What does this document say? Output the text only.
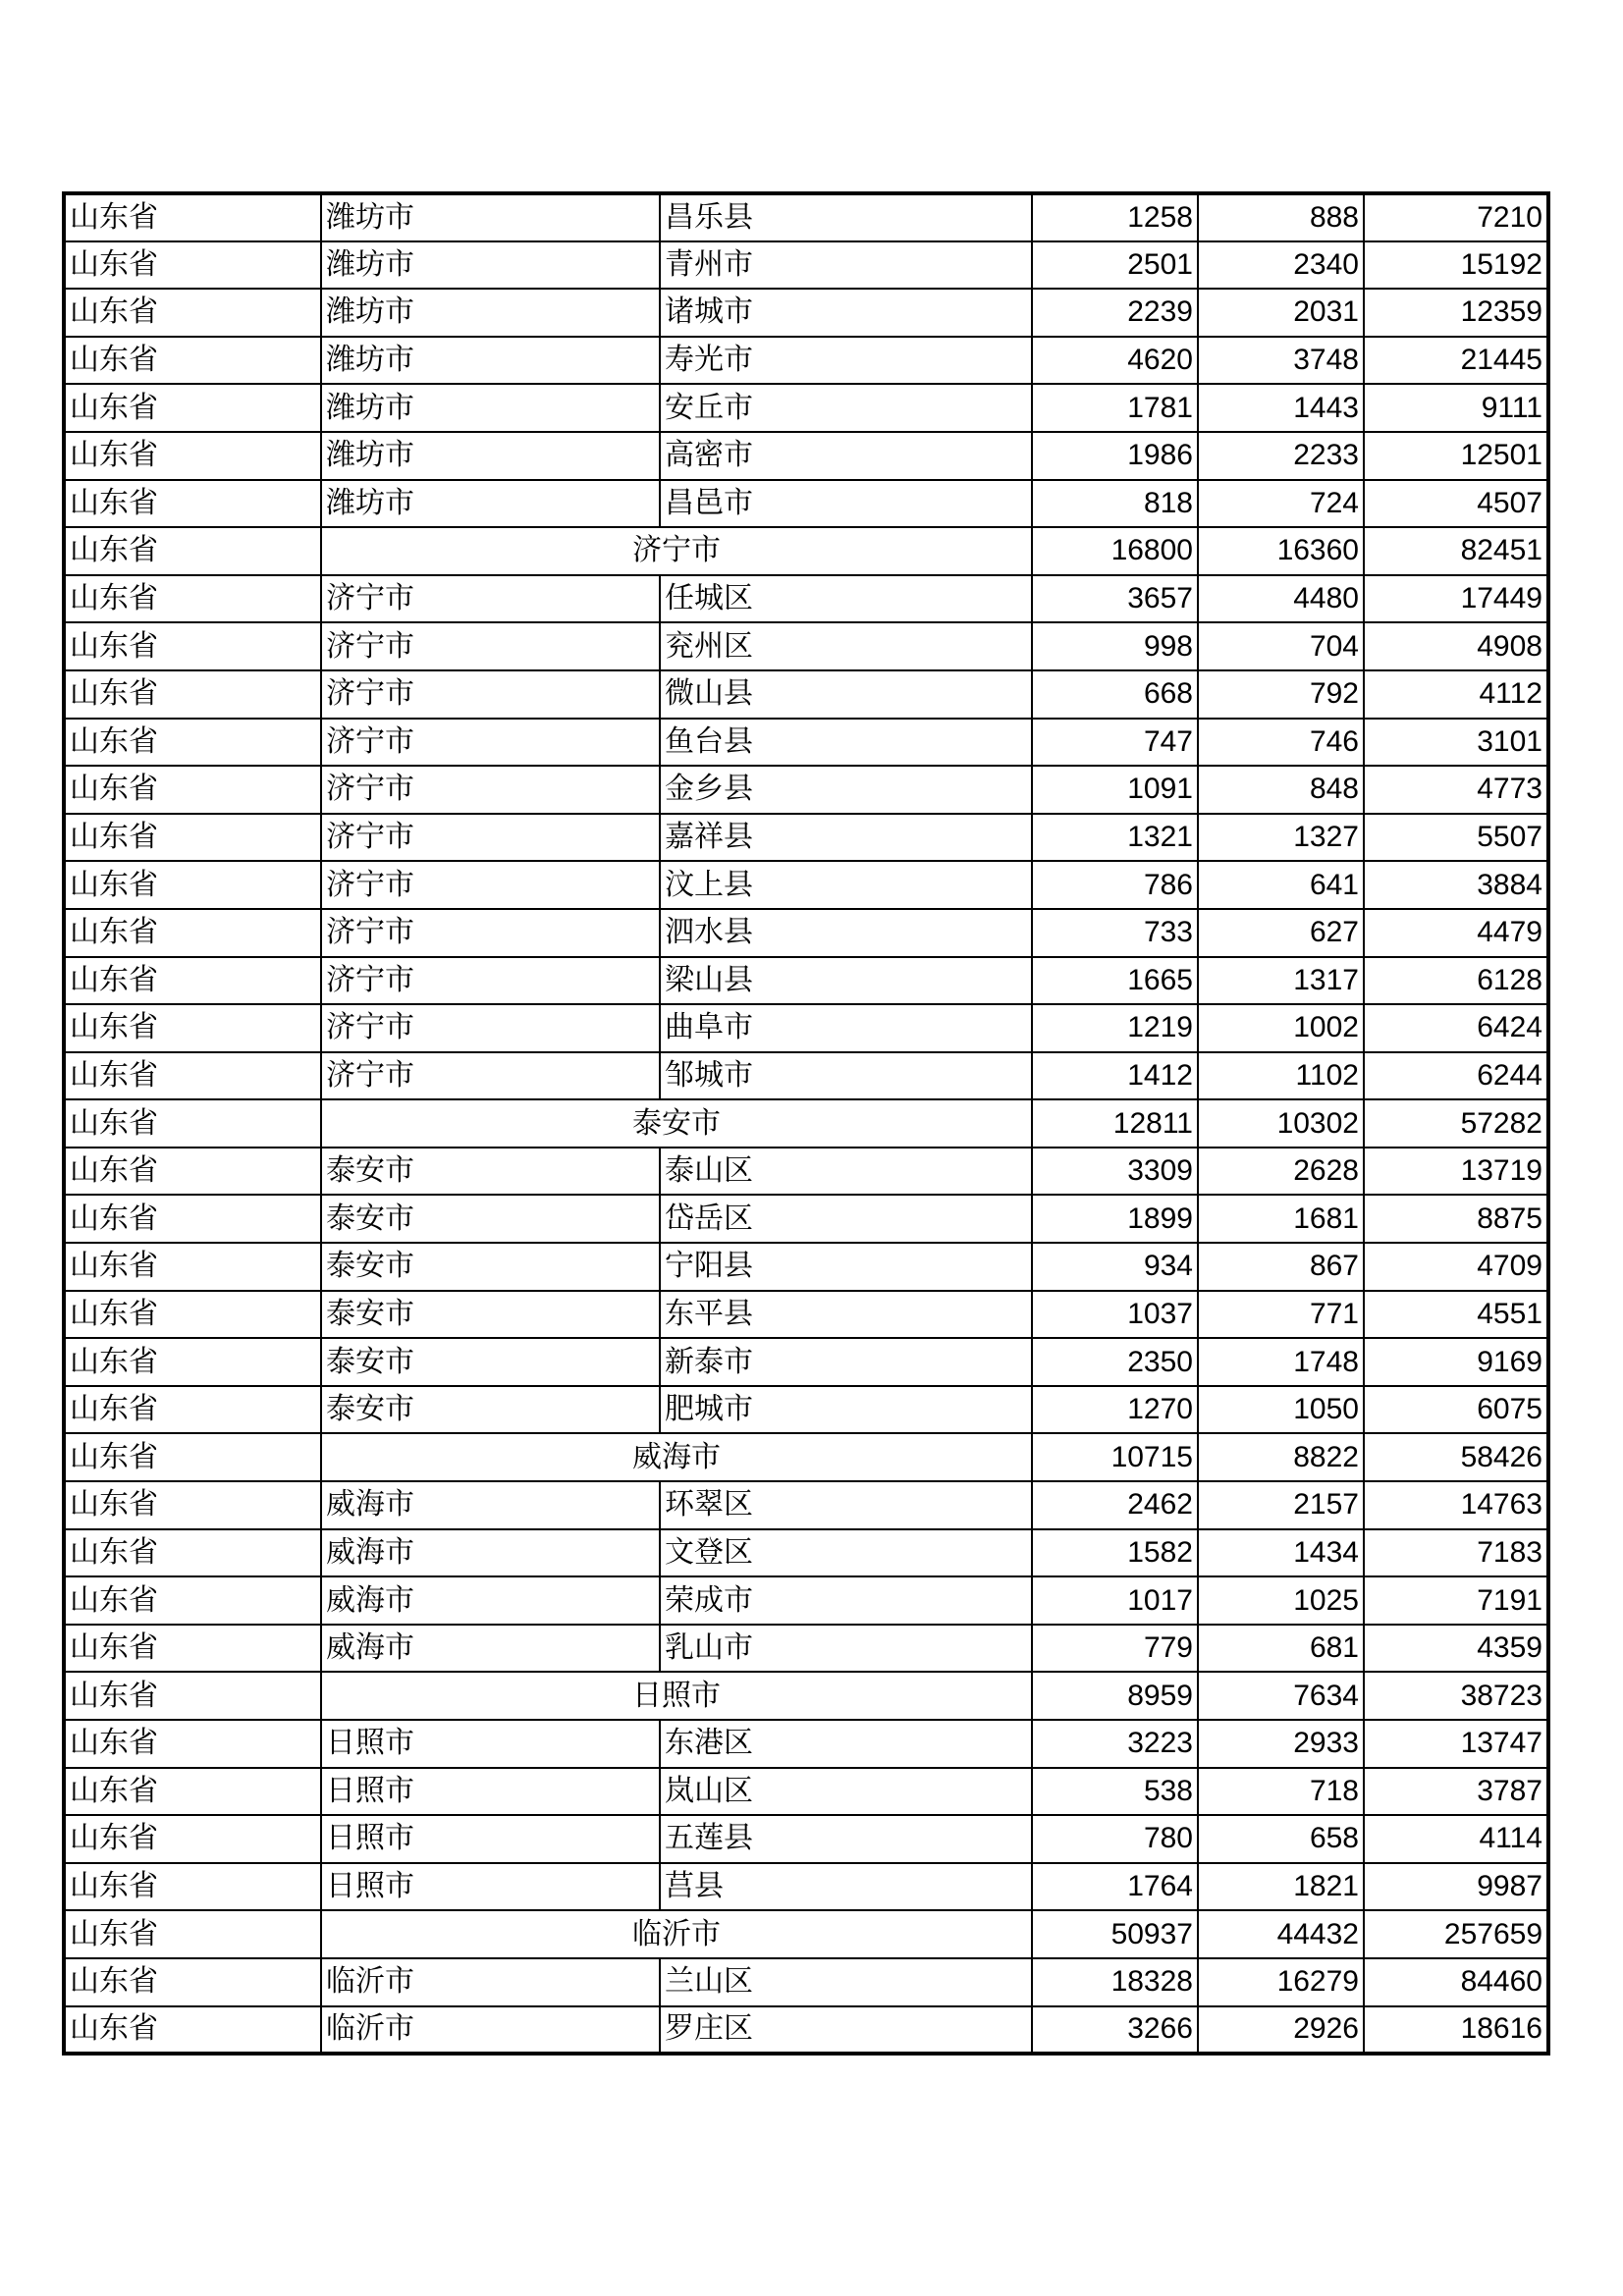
山东省	潍坊市	昌乐县	1258	888	7210
山东省	潍坊市	青州市	2501	2340	15192
山东省	潍坊市	诸城市	2239	2031	12359
山东省	潍坊市	寿光市	4620	3748	21445
山东省	潍坊市	安丘市	1781	1443	9111
山东省	潍坊市	高密市	1986	2233	12501
山东省	潍坊市	昌邑市	818	724	4507
山东省	济宁市		16800	16360	82451
山东省	济宁市	任城区	3657	4480	17449
山东省	济宁市	兖州区	998	704	4908
山东省	济宁市	微山县	668	792	4112
山东省	济宁市	鱼台县	747	746	3101
山东省	济宁市	金乡县	1091	848	4773
山东省	济宁市	嘉祥县	1321	1327	5507
山东省	济宁市	汶上县	786	641	3884
山东省	济宁市	泗水县	733	627	4479
山东省	济宁市	梁山县	1665	1317	6128
山东省	济宁市	曲阜市	1219	1002	6424
山东省	济宁市	邹城市	1412	1102	6244
山东省	泰安市		12811	10302	57282
山东省	泰安市	泰山区	3309	2628	13719
山东省	泰安市	岱岳区	1899	1681	8875
山东省	泰安市	宁阳县	934	867	4709
山东省	泰安市	东平县	1037	771	4551
山东省	泰安市	新泰市	2350	1748	9169
山东省	泰安市	肥城市	1270	1050	6075
山东省	威海市		10715	8822	58426
山东省	威海市	环翠区	2462	2157	14763
山东省	威海市	文登区	1582	1434	7183
山东省	威海市	荣成市	1017	1025	7191
山东省	威海市	乳山市	779	681	4359
山东省	日照市		8959	7634	38723
山东省	日照市	东港区	3223	2933	13747
山东省	日照市	岚山区	538	718	3787
山东省	日照市	五莲县	780	658	4114
山东省	日照市	莒县	1764	1821	9987
山东省	临沂市		50937	44432	257659
山东省	临沂市	兰山区	18328	16279	84460
山东省	临沂市	罗庄区	3266	2926	18616
